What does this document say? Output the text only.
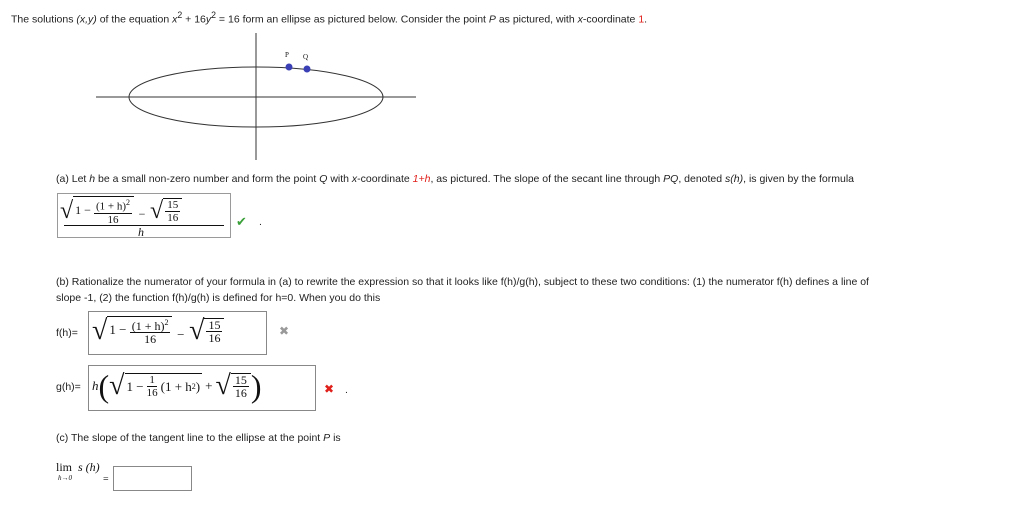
The solutions (x,y) of the equation $x^2 + 16y^2 = 16$ form an ellipse as pictured below. Consider the point P as pictured, with x-coordinate 1.
P Q
(a) Let h be a small non-zero number and form the point Q with x-coordinate 1+h, as pictured. The slope of the secant line through PQ, denoted s(h), is given by the formula
√ $1 - \frac{(1 + h)^2}{16}$ − √ $\frac{15}{16}$
h
✔ .
(b) Rationalize the numerator of your formula in (a) to rewrite the expression so that it looks like f(h)/g(h), subject to these two conditions: (1) the numerator f(h) defines a line of
slope -1, (2) the function f(h)/g(h) is defined for h=0. When you do this
f(h)= √ $1 - \frac{(1 + h)^2}{16}$ − √ $\frac{15}{16}$	✖
g(h)= h ( √ $1 - \frac{1}{16} (1 + h$ 2 ) + √ $\frac{15}{16}$ )	✖ .
(c) The slope of the tangent line to the ellipse at the point P is
lim s (h)
h→0	=
